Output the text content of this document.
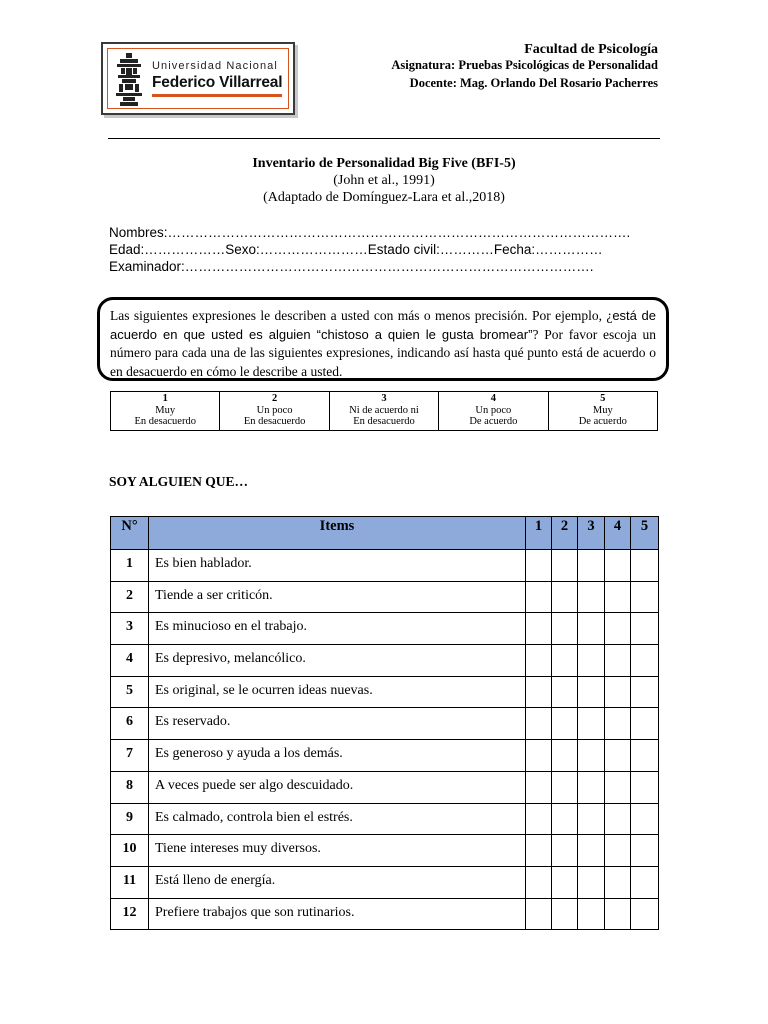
Universidad Nacional
Federico Villarreal
Facultad de Psicología
Asignatura: Pruebas Psicológicas de Personalidad
Docente: Mag. Orlando Del Rosario Pacherres
Inventario de Personalidad Big Five (BFI-5)
(John et al., 1991)
(Adaptado de Domínguez-Lara et al.,2018)
Nombres:………………………………………………………………………………………….
Edad:………………Sexo:……………………Estado civil:…………Fecha:……………
Examinador:……………………………………………………………………………….
Las siguientes expresiones le describen a usted con más o menos precisión. Por ejemplo, ¿está de acuerdo en que usted es alguien “chistoso a quien le gusta bromear”? Por favor escoja un número para cada una de las siguientes expresiones, indicando así hasta qué punto está de acuerdo o en desacuerdo en cómo le describe a usted.
1
Muy
En desacuerdo

2
Un poco
En desacuerdo

3
Ni de acuerdo ni
En desacuerdo

4
Un poco
De acuerdo

5
Muy
De acuerdo
SOY ALGUIEN QUE…
N°	Items	1	2	3	4	5
1	Es bien hablador.					
2	Tiende a ser criticón.					
3	Es minucioso en el trabajo.					
4	Es depresivo, melancólico.					
5	Es original, se le ocurren ideas nuevas.					
6	Es reservado.					
7	Es generoso y ayuda a los demás.					
8	A veces puede ser algo descuidado.					
9	Es calmado, controla bien el estrés.					
10	Tiene intereses muy diversos.					
11	Está lleno de energía.					
12	Prefiere trabajos que son rutinarios.					
